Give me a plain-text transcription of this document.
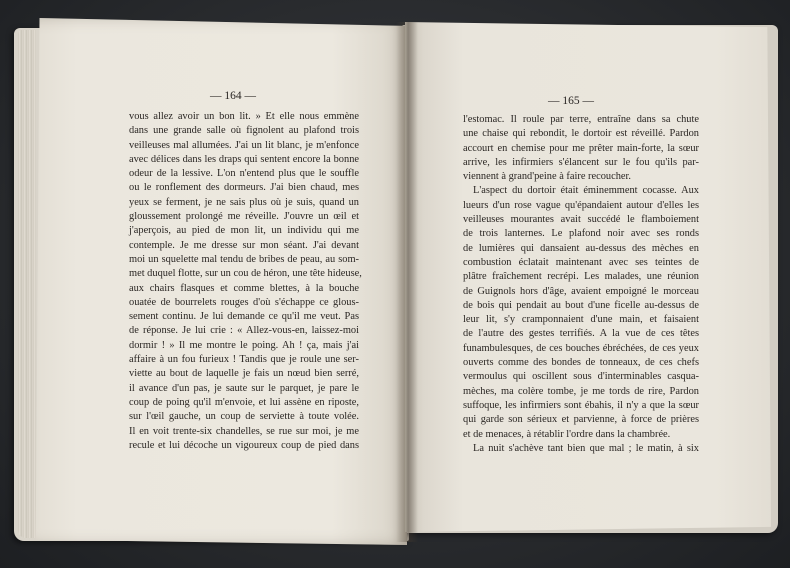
— 164 —	— 165 —
vous allez avoir un bon lit. » Et elle nous emmène
dans une grande salle où fignolent au plafond trois
veilleuses mal allumées. J'ai un lit blanc, je m'enfonce
avec délices dans les draps qui sentent encore la bonne
odeur de la lessive. L'on n'entend plus que le souffle
ou le ronflement des dormeurs. J'ai bien chaud, mes
yeux se ferment, je ne sais plus où je suis, quand un
gloussement prolongé me réveille. J'ouvre un œil et
j'aperçois, au pied de mon lit, un individu qui me
contemple. Je me dresse sur mon séant. J'ai devant
moi un squelette mal tendu de bribes de peau, au som-
met duquel flotte, sur un cou de héron, une tête hideuse,
aux chairs flasques et comme blettes, à la bouche
ouatée de bourrelets rouges d'où s'échappe ce glous-
sement continu. Je lui demande ce qu'il me veut. Pas
de réponse. Je lui crie : « Allez-vous-en, laissez-moi
dormir ! » Il me montre le poing. Ah ! ça, mais j'ai
affaire à un fou furieux ! Tandis que je roule une ser-
viette au bout de laquelle je fais un nœud bien serré,
il avance d'un pas, je saute sur le parquet, je pare le
coup de poing qu'il m'envoie, et lui assène en riposte,
sur l'œil gauche, un coup de serviette à toute volée.
Il en voit trente-six chandelles, se rue sur moi, je me
recule et lui décoche un vigoureux coup de pied dans
l'estomac. Il roule par terre, entraîne dans sa chute
une chaise qui rebondit, le dortoir est réveillé. Pardon
accourt en chemise pour me prêter main-forte, la sœur
arrive, les infirmiers s'élancent sur le fou qu'ils par-
viennent à grand'peine à faire recoucher.
L'aspect du dortoir était éminemment cocasse. Aux
lueurs d'un rose vague qu'épandaient autour d'elles les
veilleuses mourantes avait succédé le flamboiement
de trois lanternes. Le plafond noir avec ses ronds
de lumières qui dansaient au-dessus des mèches en
combustion éclatait maintenant avec ses teintes de
plâtre fraîchement recrépi. Les malades, une réunion
de Guignols hors d'âge, avaient empoigné le morceau
de bois qui pendait au bout d'une ficelle au-dessus de
leur lit, s'y cramponnaient d'une main, et faisaient
de l'autre des gestes terrifiés. A la vue de ces têtes
funambulesques, de ces bouches ébréchées, de ces yeux
ouverts comme des bondes de tonneaux, de ces chefs
vermoulus qui oscillent sous d'interminables casqua-
mèches, ma colère tombe, je me tords de rire, Pardon
suffoque, les infirmiers sont ébahis, il n'y a que la sœur
qui garde son sérieux et parvienne, à force de prières
et de menaces, à rétablir l'ordre dans la chambrée.
La nuit s'achève tant bien que mal ; le matin, à six
